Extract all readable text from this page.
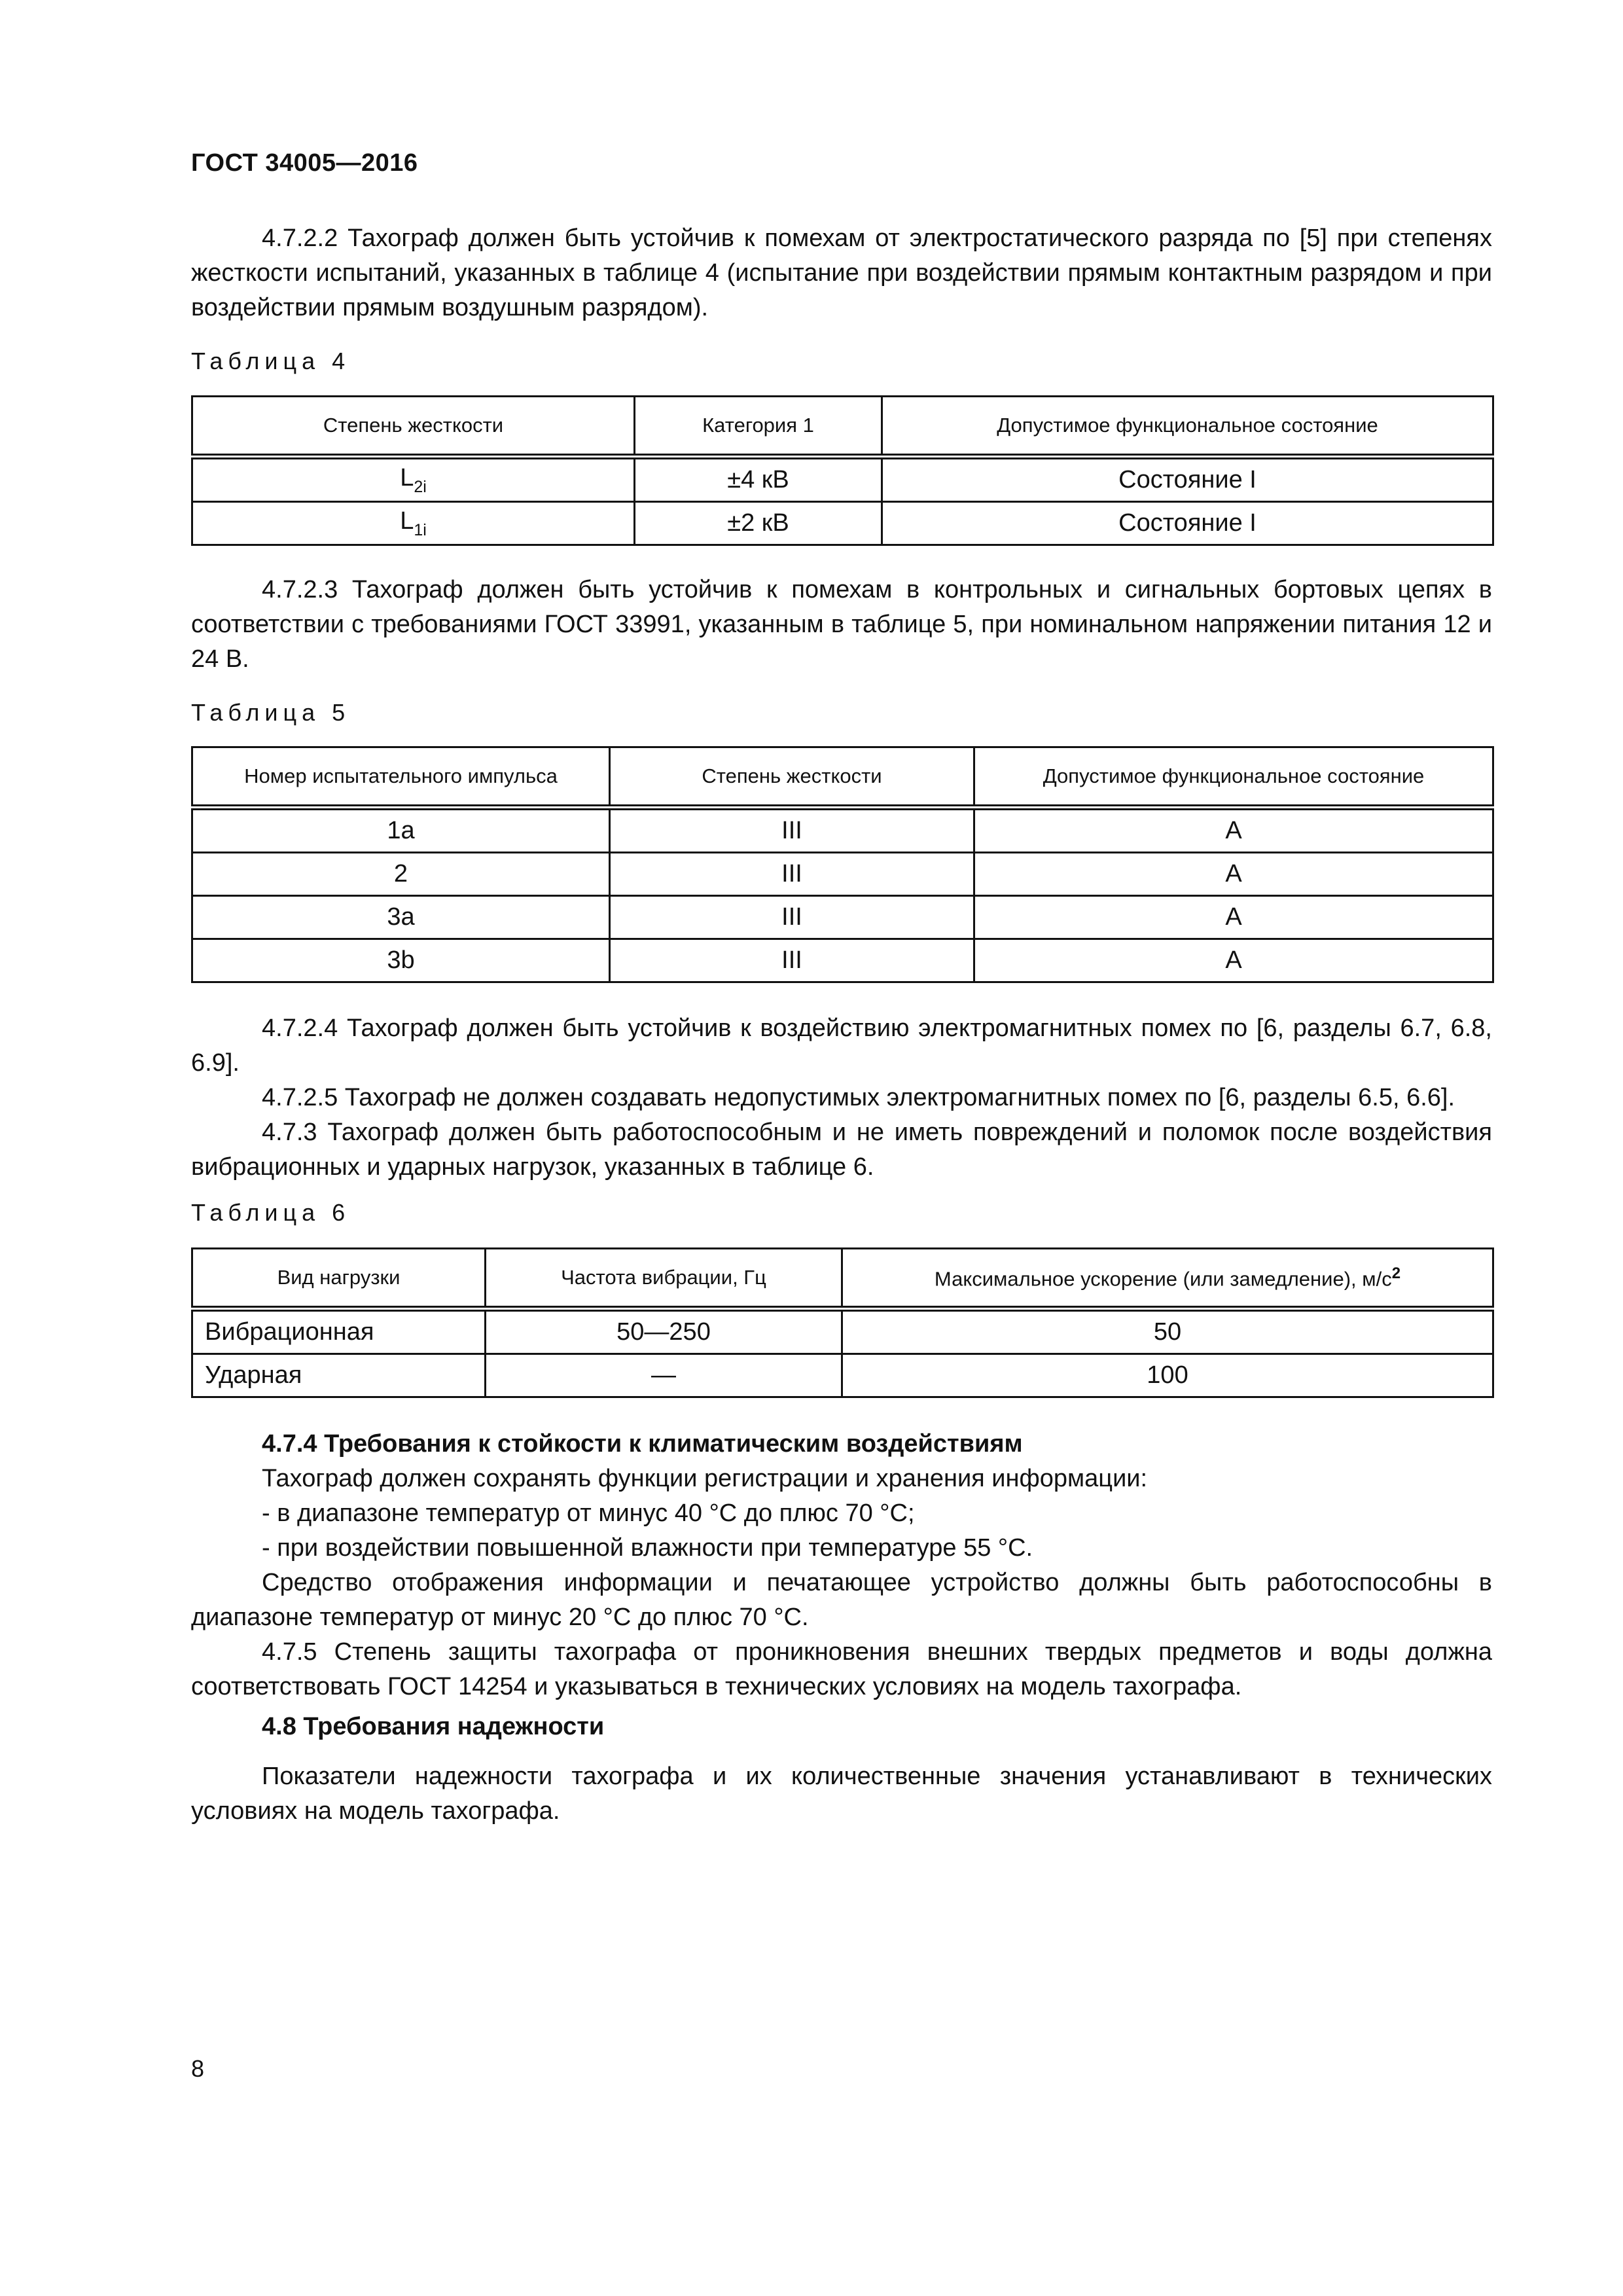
ГОСТ 34005—2016

4.7.2.2 Тахограф должен быть устойчив к помехам от электростатического разряда по [5] при степенях жесткости испытаний, указанных в таблице 4 (испытание при воздействии прямым контактным разрядом и при воздействии прямым воздушным разрядом).

Таблица 4
Степень жесткости	Категория 1	Допустимое функциональное состояние
$L_{2i}$	±4 кВ	Состояние I
$L_{1i}$	±2 кВ	Состояние I

4.7.2.3 Тахограф должен быть устойчив к помехам в контрольных и сигнальных бортовых цепях в соответствии с требованиями ГОСТ 33991, указанным в таблице 5, при номинальном напряжении питания 12 и 24 В.

Таблица 5
Номер испытательного импульса	Степень жесткости	Допустимое функциональное состояние
1a	III	A
2	III	A
3a	III	A
3b	III	A

4.7.2.4 Тахограф должен быть устойчив к воздействию электромагнитных помех по [6, разделы 6.7, 6.8, 6.9].

4.7.2.5 Тахограф не должен создавать недопустимых электромагнитных помех по [6, разделы 6.5, 6.6].

4.7.3 Тахограф должен быть работоспособным и не иметь повреждений и поломок после воздействия вибрационных и ударных нагрузок, указанных в таблице 6.

Таблица 6
Вид нагрузки	Частота вибрации, Гц	Максимальное ускорение (или замедление), $м/с^2$
Вибрационная	50—250	50
Ударная	—	100

4.7.4 Требования к стойкости к климатическим воздействиям

Тахограф должен сохранять функции регистрации и хранения информации:

- в диапазоне температур от минус 40 °С до плюс 70 °С;

- при воздействии повышенной влажности при температуре 55 °С.

Средство отображения информации и печатающее устройство должны быть работоспособны в диапазоне температур от минус 20 °С до плюс 70 °С.

4.7.5 Степень защиты тахографа от проникновения внешних твердых предметов и воды должна соответствовать ГОСТ 14254 и указываться в технических условиях на модель тахографа.

4.8 Требования надежности

Показатели надежности тахографа и их количественные значения устанавливают в технических условиях на модель тахографа.

8
